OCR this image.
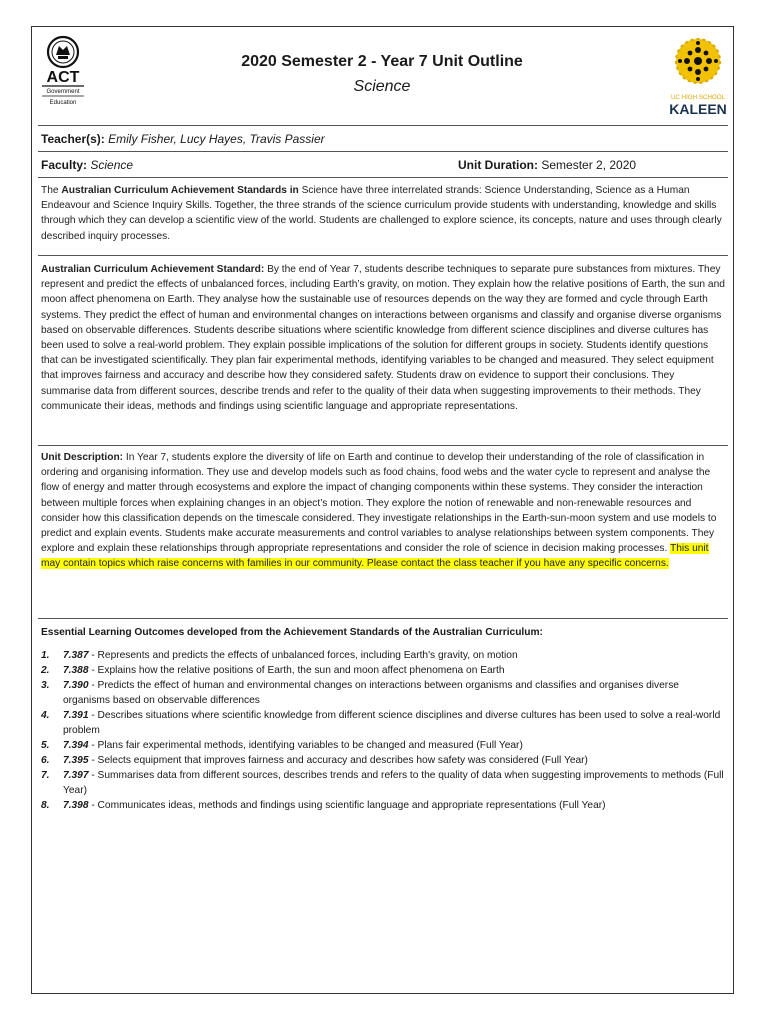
ACT
Government
Education
2020 Semester 2 - Year 7 Unit Outline
Science
UC HIGH SCHOOL
KALEEN
Teacher(s): Emily Fisher, Lucy Hayes, Travis Passier
Faculty: Science	Unit Duration: Semester 2, 2020
The Australian Curriculum Achievement Standards in Science have three interrelated strands: Science Understanding, Science as a Human Endeavour and Science Inquiry Skills. Together, the three strands of the science curriculum provide students with understanding, knowledge and skills through which they can develop a scientific view of the world. Students are challenged to explore science, its concepts, nature and uses through clearly described inquiry processes.
Australian Curriculum Achievement Standard: By the end of Year 7, students describe techniques to separate pure substances from mixtures. They represent and predict the effects of unbalanced forces, including Earth’s gravity, on motion. They explain how the relative positions of Earth, the sun and moon affect phenomena on Earth. They analyse how the sustainable use of resources depends on the way they are formed and cycle through Earth systems. They predict the effect of human and environmental changes on interactions between organisms and classify and organise diverse organisms based on observable differences. Students describe situations where scientific knowledge from different science disciplines and diverse cultures has been used to solve a real-world problem. They explain possible implications of the solution for different groups in society. Students identify questions that can be investigated scientifically. They plan fair experimental methods, identifying variables to be changed and measured. They select equipment that improves fairness and accuracy and describe how they considered safety. Students draw on evidence to support their conclusions. They summarise data from different sources, describe trends and refer to the quality of their data when suggesting improvements to their methods. They communicate their ideas, methods and findings using scientific language and appropriate representations.
Unit Description: In Year 7, students explore the diversity of life on Earth and continue to develop their understanding of the role of classification in ordering and organising information. They use and develop models such as food chains, food webs and the water cycle to represent and analyse the flow of energy and matter through ecosystems and explore the impact of changing components within these systems. They consider the interaction between multiple forces when explaining changes in an object’s motion. They explore the notion of renewable and non-renewable resources and consider how this classification depends on the timescale considered. They investigate relationships in the Earth-sun-moon system and use models to predict and explain events. Students make accurate measurements and control variables to analyse relationships between system components. They explore and explain these relationships through appropriate representations and consider the role of science in decision making processes. This unit may contain topics which raise concerns with families in our community. Please contact the class teacher if you have any specific concerns.
Essential Learning Outcomes developed from the Achievement Standards of the Australian Curriculum:
1. 7.387 - Represents and predicts the effects of unbalanced forces, including Earth's gravity, on motion
2. 7.388 - Explains how the relative positions of Earth, the sun and moon affect phenomena on Earth
3. 7.390 - Predicts the effect of human and environmental changes on interactions between organisms and classifies and organises diverse organisms based on observable differences
4. 7.391 - Describes situations where scientific knowledge from different science disciplines and diverse cultures has been used to solve a real-world problem
5. 7.394 - Plans fair experimental methods, identifying variables to be changed and measured (Full Year)
6. 7.395 - Selects equipment that improves fairness and accuracy and describes how safety was considered (Full Year)
7. 7.397 - Summarises data from different sources, describes trends and refers to the quality of data when suggesting improvements to methods (Full Year)
8. 7.398 - Communicates ideas, methods and findings using scientific language and appropriate representations (Full Year)
